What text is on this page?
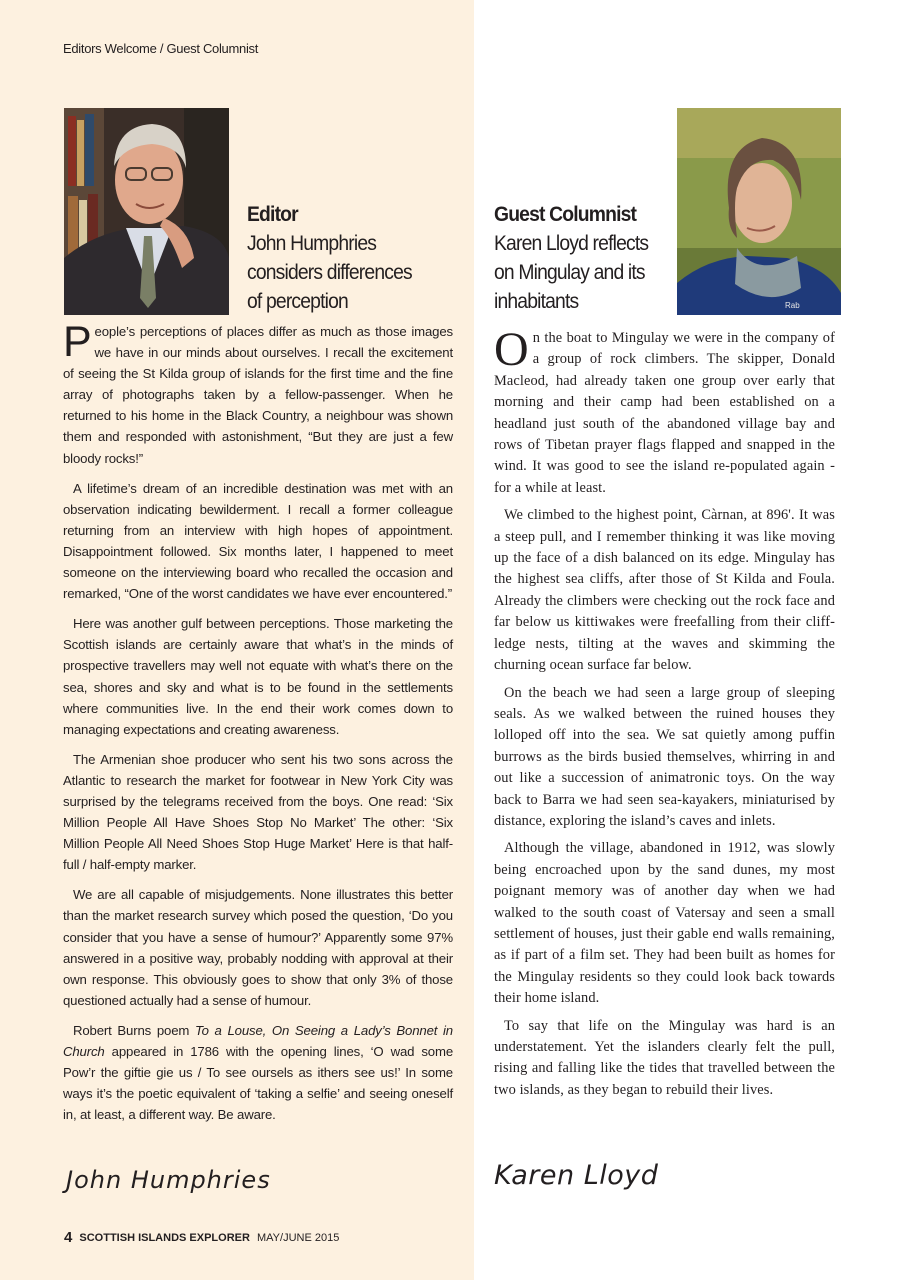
Editors Welcome / Guest Columnist
Editor
John Humphries
considers differences
of perception

People’s perceptions of places differ as much as those images we have in our minds about ourselves. I recall the excitement of seeing the St Kilda group of islands for the first time and the fine array of photographs taken by a fellow-passenger. When he returned to his home in the Black Country, a neighbour was shown them and responded with astonishment, “But they are just a few bloody rocks!”

A lifetime’s dream of an incredible destination was met with an observation indicating bewilderment. I recall a former colleague returning from an interview with high hopes of appointment. Disappointment followed. Six months later, I happened to meet someone on the interviewing board who recalled the occasion and remarked, “One of the worst candidates we have ever encountered.”

Here was another gulf between perceptions. Those marketing the Scottish islands are certainly aware that what’s in the minds of prospective travellers may well not equate with what’s there on the sea, shores and sky and what is to be found in the settlements where communities live. In the end their work comes down to managing expectations and creating awareness.

The Armenian shoe producer who sent his two sons across the Atlantic to research the market for footwear in New York City was surprised by the telegrams received from the boys. One read: ‘Six Million People All Have Shoes Stop No Market’ The other: ‘Six Million People All Need Shoes Stop Huge Market’ Here is that half-full / half-empty marker.

We are all capable of misjudgements. None illustrates this better than the market research survey which posed the question, ‘Do you consider that you have a sense of humour?’ Apparently some 97% answered in a positive way, probably nodding with approval at their own response. This obviously goes to show that only 3% of those questioned actually had a sense of humour.

Robert Burns poem To a Louse, On Seeing a Lady’s Bonnet in Church appeared in 1786 with the opening lines, ‘O wad some Pow’r the giftie gie us / To see oursels as ithers see us!’ In some ways it’s the poetic equivalent of ‘taking a selfie’ and seeing oneself in, at least, a different way. Be aware.

John Humphries
Guest Columnist
Karen Lloyd reflects
on Mingulay and its
inhabitants	Rab

On the boat to Mingulay we were in the company of a group of rock climbers. The skipper, Donald Macleod, had already taken one group over early that morning and their camp had been established on a headland just south of the abandoned village bay and rows of Tibetan prayer flags flapped and snapped in the wind. It was good to see the island re-populated again - for a while at least.

We climbed to the highest point, Càrnan, at 896'. It was a steep pull, and I remember thinking it was like moving up the face of a dish balanced on its edge. Mingulay has the highest sea cliffs, after those of St Kilda and Foula. Already the climbers were checking out the rock face and far below us kittiwakes were freefalling from their cliff-ledge nests, tilting at the waves and skimming the churning ocean surface far below.

On the beach we had seen a large group of sleeping seals. As we walked between the ruined houses they lolloped off into the sea. We sat quietly among puffin burrows as the birds busied themselves, whirring in and out like a succession of animatronic toys. On the way back to Barra we had seen sea-kayakers, miniaturised by distance, exploring the island’s caves and inlets.

Although the village, abandoned in 1912, was slowly being encroached upon by the sand dunes, my most poignant memory was of another day when we had walked to the south coast of Vatersay and seen a small settlement of houses, just their gable end walls remaining, as if part of a film set. They had been built as homes for the Mingulay residents so they could look back towards their home island.

To say that life on the Mingulay was hard is an understatement. Yet the islanders clearly felt the pull, rising and falling like the tides that travelled between the two islands, as they began to rebuild their lives.

Karen Lloyd
4 SCOTTISH ISLANDS EXPLORER MAY/JUNE 2015
